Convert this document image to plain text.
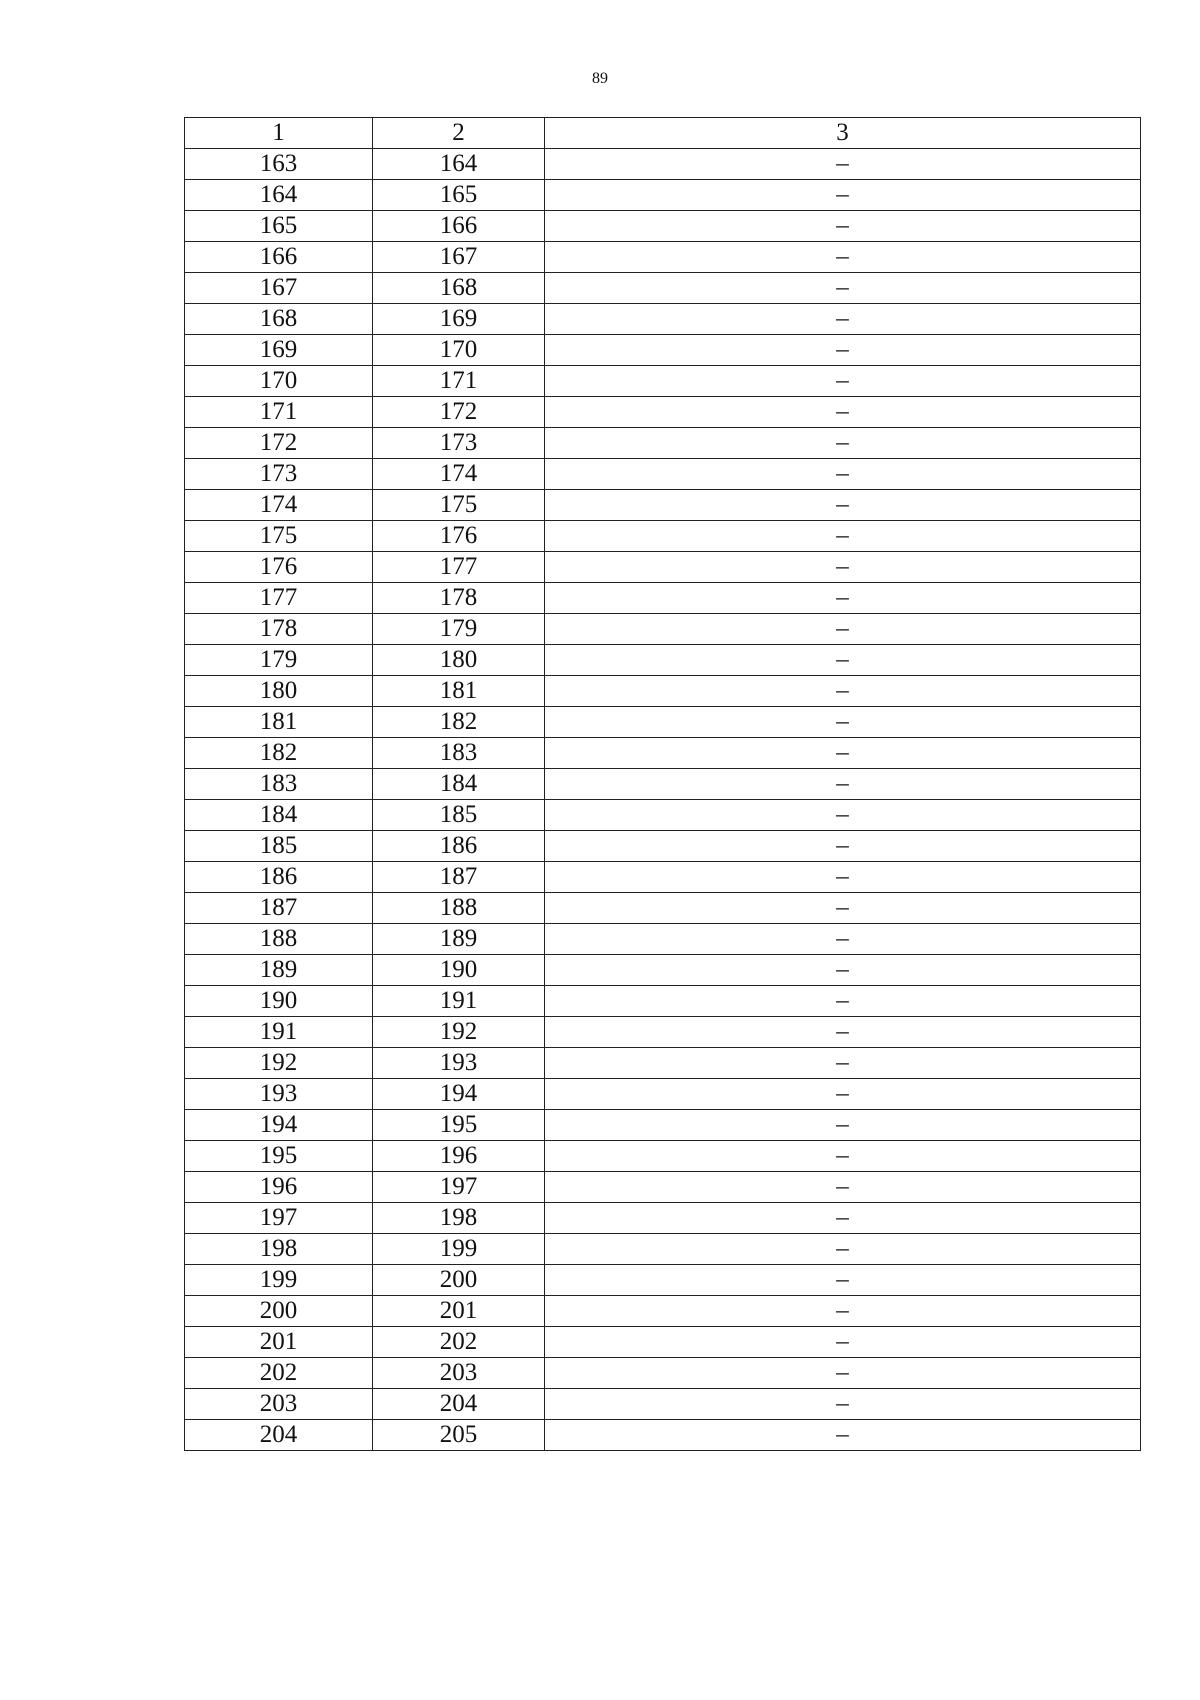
89
1	2	3
163	164	–
164	165	–
165	166	–
166	167	–
167	168	–
168	169	–
169	170	–
170	171	–
171	172	–
172	173	–
173	174	–
174	175	–
175	176	–
176	177	–
177	178	–
178	179	–
179	180	–
180	181	–
181	182	–
182	183	–
183	184	–
184	185	–
185	186	–
186	187	–
187	188	–
188	189	–
189	190	–
190	191	–
191	192	–
192	193	–
193	194	–
194	195	–
195	196	–
196	197	–
197	198	–
198	199	–
199	200	–
200	201	–
201	202	–
202	203	–
203	204	–
204	205	–
